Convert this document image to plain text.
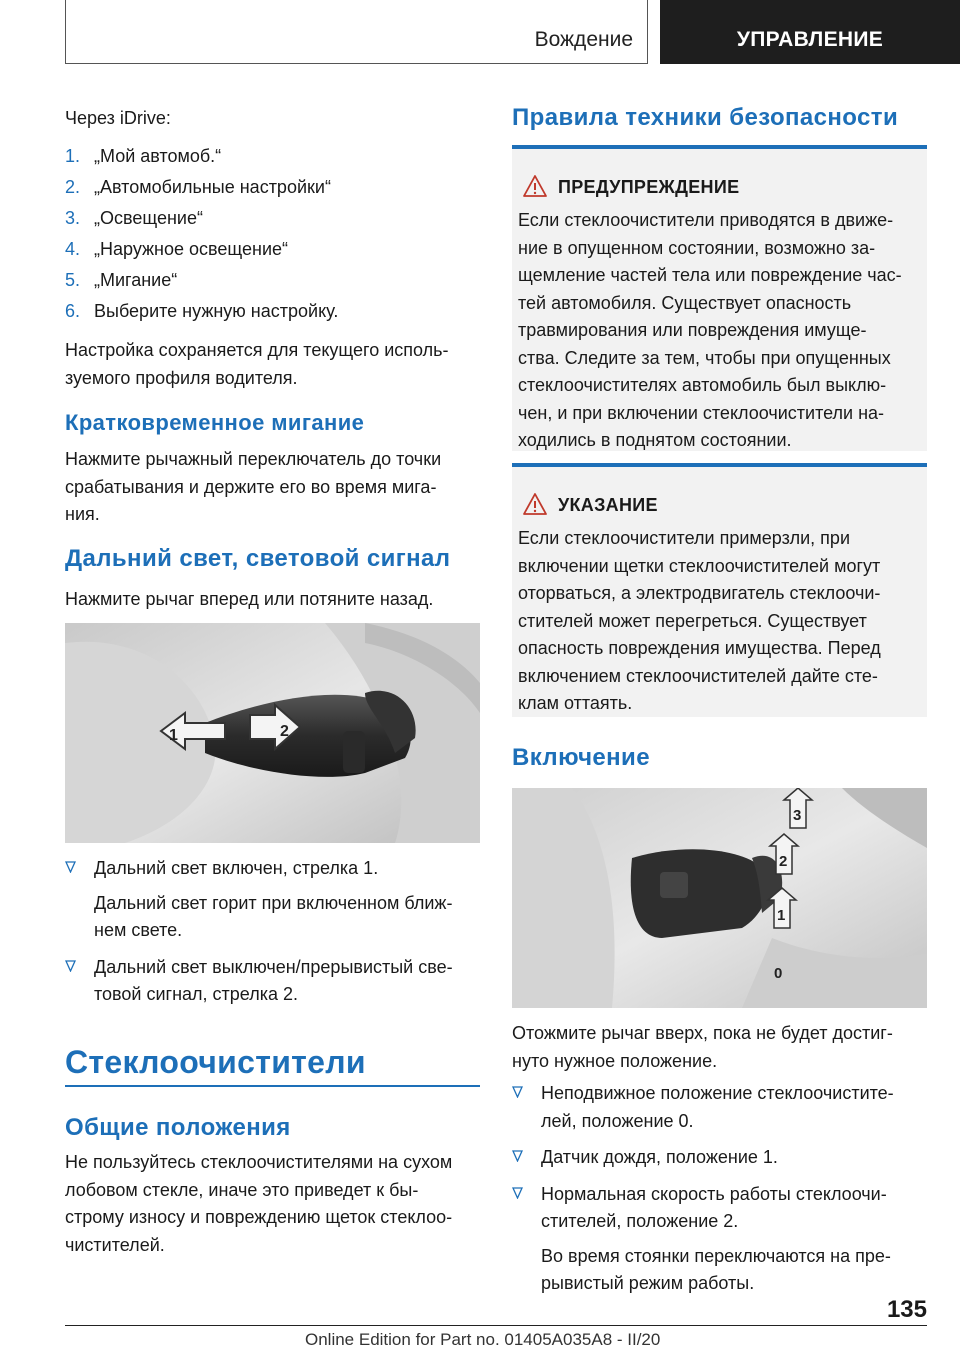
Вождение	УПРАВЛЕНИЕ
Через iDrive:
1. „Мой автомоб.“
2. „Автомобильные настройки“
3. „Освещение“
4. „Наружное освещение“
5. „Мигание“
6. Выберите нужную настройку.
Настройка сохраняется для текущего исполь-
зуемого профиля водителя.
Кратковременное мигание
Нажмите рычажный переключатель до точки
срабатывания и держите его во время мига-
ния.
Дальний свет, световой сигнал
Нажмите рычаг вперед или потяните назад.
1	2
Дальний свет включен, стрелка 1.
Дальний свет горит при включенном ближ-
нем свете.
Дальний свет выключен/прерывистый све-
товой сигнал, стрелка 2.
Стеклоочистители
Общие положения
Не пользуйтесь стеклоочистителями на сухом
лобовом стекле, иначе это приведет к бы-
строму износу и повреждению щеток стеклоо-
чистителей.
Правила техники безопасности
ПРЕДУПРЕЖДЕНИЕ
Если стеклоочистители приводятся в движе-
ние в опущенном состоянии, возможно за-
щемление частей тела или повреждение час-
тей автомобиля. Существует опасность
травмирования или повреждения имуще-
ства. Следите за тем, чтобы при опущенных
стеклоочистителях автомобиль был выклю-
чен, и при включении стеклоочистители на-
ходились в поднятом состоянии.
УКАЗАНИЕ
Если стеклоочистители примерзли, при
включении щетки стеклоочистителей могут
оторваться, а электродвигатель стеклоочи-
стителей может перегреться. Существует
опасность повреждения имущества. Перед
включением стеклоочистителей дайте сте-
клам оттаять.
Включение
3
2
1
0
Отожмите рычаг вверх, пока не будет достиг-
нуто нужное положение.
Неподвижное положение стеклоочистите-
лей, положение 0.
Датчик дождя, положение 1.
Нормальная скорость работы стеклоочи-
стителей, положение 2.
Во время стоянки переключаются на пре-
рывистый режим работы.
135
Online Edition for Part no. 01405A035A8 - II/20
